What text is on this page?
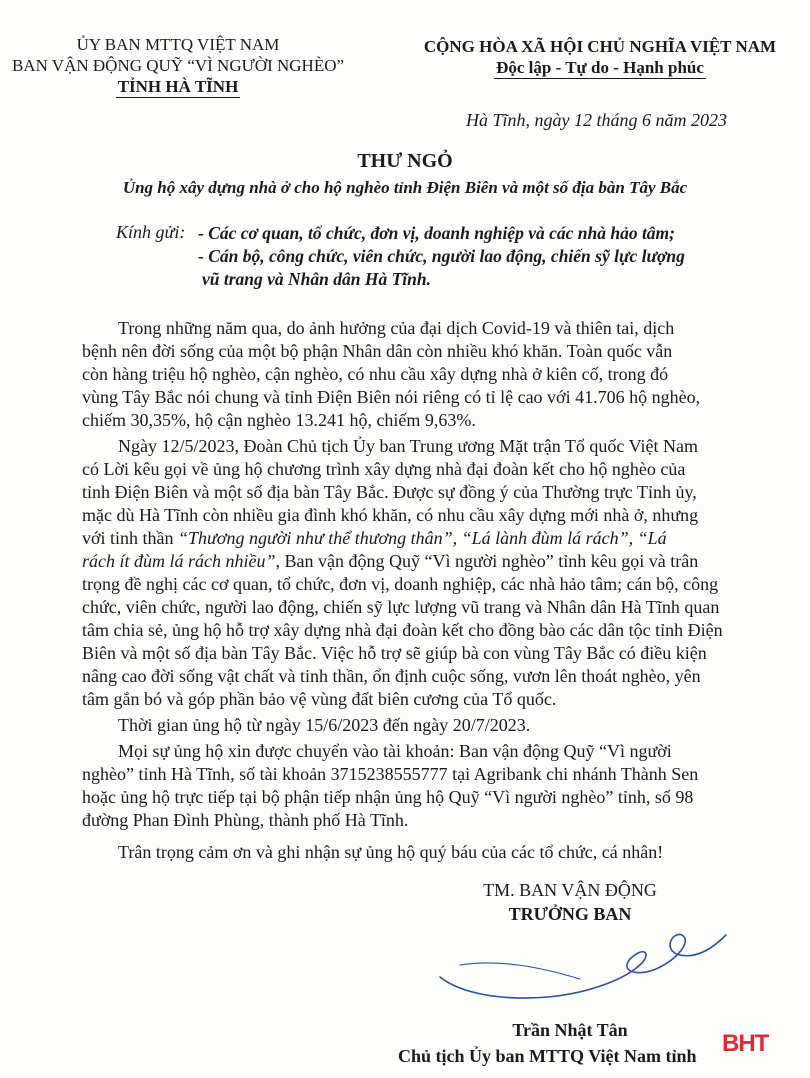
ỦY BAN MTTQ VIỆT NAM
BAN VẬN ĐỘNG QUỸ “VÌ NGƯỜI NGHÈO”
TỈNH HÀ TĨNH
CỘNG HÒA XÃ HỘI CHỦ NGHĨA VIỆT NAM
Độc lập - Tự do - Hạnh phúc
Hà Tĩnh, ngày 12 tháng 6 năm 2023
THƯ NGỎ
Ủng hộ xây dựng nhà ở cho hộ nghèo tỉnh Điện Biên và một số địa bàn Tây Bắc
Kính gửi: - Các cơ quan, tổ chức, đơn vị, doanh nghiệp và các nhà hảo tâm;
- Cán bộ, công chức, viên chức, người lao động, chiến sỹ lực lượng
vũ trang và Nhân dân Hà Tĩnh.

Trong những năm qua, do ảnh hưởng của đại dịch Covid-19 và thiên tai, dịch
bệnh nên đời sống của một bộ phận Nhân dân còn nhiều khó khăn. Toàn quốc vẫn
còn hàng triệu hộ nghèo, cận nghèo, có nhu cầu xây dựng nhà ở kiên cố, trong đó
vùng Tây Bắc nói chung và tỉnh Điện Biên nói riêng có tỉ lệ cao với 41.706 hộ nghèo,
chiếm 30,35%, hộ cận nghèo 13.241 hộ, chiếm 9,63%.

Ngày 12/5/2023, Đoàn Chủ tịch Ủy ban Trung ương Mặt trận Tổ quốc Việt Nam
có Lời kêu gọi về ủng hộ chương trình xây dựng nhà đại đoàn kết cho hộ nghèo của
tỉnh Điện Biên và một số địa bàn Tây Bắc. Được sự đồng ý của Thường trực Tỉnh ủy,
mặc dù Hà Tĩnh còn nhiều gia đình khó khăn, có nhu cầu xây dựng mới nhà ở, nhưng
với tinh thần “Thương người như thể thương thân”, “Lá lành đùm lá rách”, “Lá
rách ít đùm lá rách nhiều”, Ban vận động Quỹ “Vì người nghèo” tỉnh kêu gọi và trân
trọng đề nghị các cơ quan, tổ chức, đơn vị, doanh nghiệp, các nhà hảo tâm; cán bộ, công
chức, viên chức, người lao động, chiến sỹ lực lượng vũ trang và Nhân dân Hà Tĩnh quan
tâm chia sẻ, ủng hộ hỗ trợ xây dựng nhà đại đoàn kết cho đồng bào các dân tộc tỉnh Điện
Biên và một số địa bàn Tây Bắc. Việc hỗ trợ sẽ giúp bà con vùng Tây Bắc có điều kiện
nâng cao đời sống vật chất và tinh thần, ổn định cuộc sống, vươn lên thoát nghèo, yên
tâm gắn bó và góp phần bảo vệ vùng đất biên cương của Tổ quốc.

Thời gian ủng hộ từ ngày 15/6/2023 đến ngày 20/7/2023.

Mọi sự ủng hộ xin được chuyển vào tài khoản: Ban vận động Quỹ “Vì người
nghèo” tỉnh Hà Tĩnh, số tài khoản 3715238555777 tại Agribank chi nhánh Thành Sen
hoặc ủng hộ trực tiếp tại bộ phận tiếp nhận ủng hộ Quỹ “Vì người nghèo” tỉnh, số 98
đường Phan Đình Phùng, thành phố Hà Tĩnh.

Trân trọng cảm ơn và ghi nhận sự ủng hộ quý báu của các tổ chức, cá nhân!

TM. BAN VẬN ĐỘNG
TRƯỞNG BAN
Trần Nhật Tân
Chủ tịch Ủy ban MTTQ Việt Nam tỉnh BHT
